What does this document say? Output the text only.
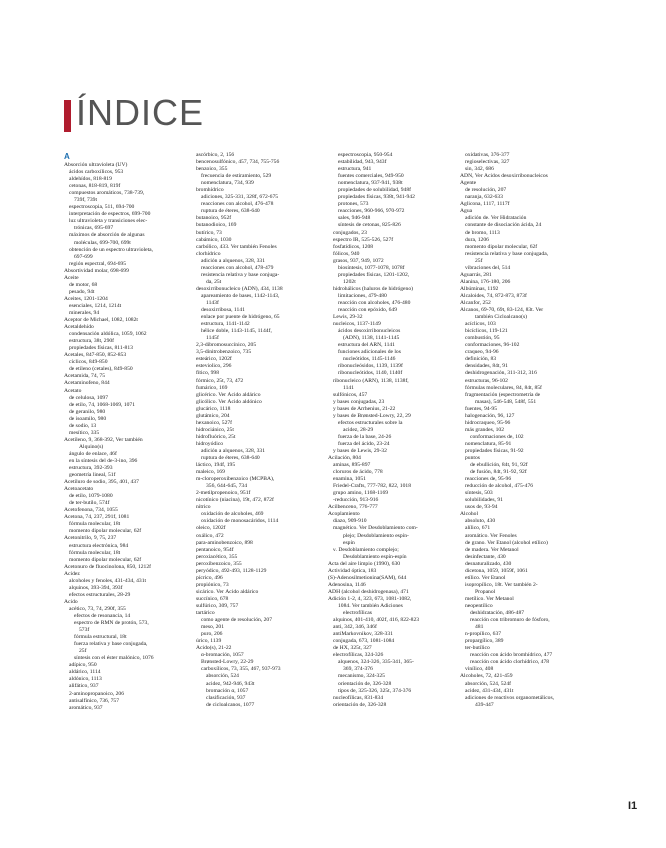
ÍNDICE
A
Absorción ultravioleta (UV)
ácidos carboxílicos, 953
aldehídos, 818-819
cetonas, 818-819, 819f
compuestos aromáticos, 738-739,
739f, 739t
espectroscopia, 511, 694-700
interpretación de espectros, 699-700
luz ultravioleta y transiciones elec-
trónicas, 695-697
máximos de absorción de algunas
moléculas, 699-700, 699t
obtención de un espectro ultravioleta,
697-699
región espectral, 694-695
Absortividad molar, 698-699
Aceite
de motor, 68
pesado, 94t
Aceites, 1201-1204
esenciales, 1214, 1214t
minerales, 94
Aceptor de Michael, 1082, 1082t
Acetaldehído
condensación aldólica, 1059, 1062
estructura, 38t, 290f
propiedades físicas, 811-813
Acetales, 847-850, 852-853
cíclicos, 849-850
de etileno (cetales), 849-850
Acetamida, 74, 75
Acetaminofeno, 844
Acetato
de celulosa, 1097
de etilo, 74, 1068-1069, 1071
de geranilo, 980
de isoamilo, 980
de sodio, 13
mesítico, 335
Acetileno, 9, 368-392, Ver también
Alquino(s)
ángulo de enlace, 46f
en la síntesis del de-3-ino, 396
estructura, 392-393
geometría lineal, 51f
Acetiluro de sodio, 395, 401, 437
Acetoacetato
de etilo, 1079-1080
de ter-butilo, 574f
Acetofenona, 734, 1055
Acetona, 74, 237, 291f, 1081
fórmula molecular, 18t
momento dipolar molecular, 62f
Acetonitrilo, 9, 75, 237
estructura electrónica, 984
fórmula molecular, 18t
momento dipolar molecular, 62f
Acetonuro de fluocinolona, 850, 1212f
Acidez
alcoholes y fenoles, 431-434, 431t
alquinos, 393-394, 393f
efectos estructurales, 28-29
Ácido
acético, 73, 74, 290f, 355
efectos de resonancia, 14
espectro de RMN de protón, 573,
573f
fórmula estructural, 18t
fuerza relativa y base conjugada,
25f
síntesis con el éster malónico, 1076
adípico, 950
aldárico, 1114
aldónico, 1113
alifático, 937
2-aminopropanoico, 206
antisalfínico, 736, 757
aromático, 937
ascórbico, 2, 156
bencenosulfónico, 457, 734, 755-756
benzoico, 355
frecuencia de estiramiento, 529
nomenclatura, 734, 939
bromhídrico
adiciones, 325-331, 328f, 672-675
reacciones con alcohol, 476-478
ruptura de éteres, 638-640
butanoico, 952f
butanodioico, 169
butírico, 73
cabámico, 1030
carbólico, 433. Ver también Fenoles
clorhídrico
adición a alquenos, 328, 331
reacciones con alcohol, 478-479
resistencia relativa y base conjuga-
da, 25t
desoxirribonucleico (ADN), 434, 1138
apareamiento de bases, 1142-1143,
1143f
desoxirribosa, 1141
enlace por puente de hidrógeno, 65
estructura, 1141-1142
hélice doble, 1143-1145, 1144f,
1145f
2,3-dibromosuccínico, 205
3,5-dinitrobenzoico, 735
esteárico, 1202f
esteviolico, 296
fítico, 998
fórmico, 25t, 73, 472
fumárico, 169
glicérico. Ver Ácido aldárico
glicólico. Ver Ácido aldónico
glucárico, 1118
glutámico, 204
hexanoico, 527f
hidrociánico, 25t
hidrofluórico, 25t
hidroyódico
adición a alquenos, 328, 331
ruptura de éteres, 638-640
láctico, 194f, 195
maleico, 169
m-cloroperoxibenzoico (MCPBA),
356, 644-645, 734
2-metilpropenoico, 951f
nicotínico (niacina), 19t, 472, 872f
nítrico
oxidación de alcoholes, 469
oxidación de monosacáridos, 1114
oleico, 1202f
oxálico, 472
para-aminobenzoico, 898
pentanoico, 954f
peroxiacético, 355
peroxibenzoico, 355
peryódico, 492-493, 1128-1129
pícrico, 496
propiónico, 73
sicárico. Ver Ácido aldárico
succínico, 678
sulfúrico, 309, 757
tartárico
como agente de resolución, 207
meso, 201
puro, 206
úrico, 1139
Ácido(s), 21-22
α-bromación, 1057
Brønsted-Lowry, 22-29
carboxílicos, 73, 355, 467, 937-973
absorción, 524
acidez, 942-946, 943t
bromación α, 1057
clasificación, 937
de cicloalcanos, 1077
espectroscopia, 950-954
estabilidad, 943, 943f
estructura, 941
fuentes comerciales, 949-950
nomenclatura, 937-941, 938t
propiedades de solubilidad, 948f
propiedades físicas, 938t, 941-942
protones, 573
reacciones, 960-966, 970-972
sales, 946-948
síntesis de cetonas, 825-826
conjugados, 23
espectro IR, 525-526, 527f
fosfatídicos, 1208
fólicos, 940
grasos, 937, 949, 1072
biosíntesis, 1077-1078, 1078f
propiedades físicas, 1201-1202,
1202t
hidrohálicos (haluros de hidrógeno)
limitaciones, 479-480
reacción con alcoholes, 476-480
reacción con epóxido, 649
Lewis, 29-32
nucleicos, 1137-1149
ácidos desoxirribonucleicos
(ADN), 1138, 1141-1145
estructura del ARN, 1141
funciones adicionales de los
nucleótidos, 1145-1146
ribonucleósidos, 1139, 1139f
ribonucleótidos, 1140, 1140f
ribonucleico (ARN), 1138, 1138f,
1141
sulfónicos, 457
y bases conjugadas, 23
y bases de Arrhenius, 21-22
y bases de Brønsted-Lowry, 22, 29
efectos estructurales sobre la
acidez, 28-29
fuerza de la base, 24-26
fuerza del ácido, 23-24
y bases de Lewis, 29-32
Acilación, 804
aminas, 895-897
cloruros de ácido, 778
enamina, 1051
Friedel-Crafts, 777-782, 822, 1018
grupo amino, 1168-1169
-reducción, 913-916
Acilbenceno, 776-777
Acoplamiento
diazo, 909-910
magnético. Ver Desdoblamiento com-
plejo; Desdoblamiento espín-
espín
ν. Desdoblamiento complejo;
Desdoblamiento espín-espín
Acta del aire limpio (1990), 630
Actividad óptica, 183
(S)-Adenosilmetionina(SAM), 644
Adenosina, 1146
ADH (alcohol deshidrogenasa), 471
Adición 1-2, 4, 323, 673, 1081-1082,
1084. Ver también Adiciones
electrofílicas
alquinos, 401-410, 402f, 416, 822-823
anti, 342, 346, 346f
antiMarkovnikov, 328-331
conjugada, 673, 1081-1084
de HX, 325t, 327
electrofílicas, 324-326
alquenos, 324-326, 335-341, 365-
369, 374-376
mecanismo, 324-325
orientación de, 326-328
tipos de, 325-326, 325t, 374-376
nucleofílicas, 831-834
orientación de, 326-328
oxidativas, 376-377
regioselectivas, 327
sin, 342, 686
ADN, Ver Ácidos desoxirribonucleicos
Agente
de resolución, 207
naranja, 632-633
Aglicona, 1117, 1117f
Agua
adición de. Ver Hidratación
constante de disociación ácida, 24
de bromo, 1113
dura, 1206
momento dipolar molecular, 62f
resistencia relativa y base conjugada,
25f
vibraciones del, 514
Aguarrás, 281
Alanina, 176-180, 206
Albúminas, 1192
Alcaloides, 74, 872-873, 873f
Alcanfor, 252
Alcanos, 69-70, 69t, 83-124, 83t. Ver
también Cicloalcano(s)
acíclicos, 103
bicíclicos, 119-121
combustión, 95
conformaciones, 96-102
craqueo, 94-96
definición, 83
densidades, 84t, 91
deshidrogenación, 311-312, 316
estructuras, 96-102
fórmulas moleculares, 84, 84t, 85f
fragmentación (espectrometría de
masas), 546-548, 548f, 551
fuentes, 94-95
halogenación, 96, 127
hidrocraqueo, 95-96
más grandes, 102
conformaciones de, 102
nomenclatura, 85-91
propiedades físicas, 91-92
puntos
de ebullición, 84t, 91, 92f
de fusión, 84t, 91-92, 92f
reacciones de, 95-96
reducción de alcohol, 475-476
síntesis, 503
solubilidades, 91
usos de, 93-94
Alcohol
absoluto, 430
alílico, 671
aromático. Ver Fenoles
de grano. Ver Etanol (alcohol etílico)
de madera. Ver Metanol
desinfectante, 430
desnaturalizado, 430
dicetona, 1059, 1059f, 1061
etílico. Ver Etanol
isopropílico, 18t. Ver también 2-
Propanol
metílico. Ver Metanol
neopentílico
deshidratación, 486-487
reacción con tribromuro de fósforo,
481
n-propílico, 637
propargílico, 389
ter-butílico
reacción con ácido bromhídrico, 477
reacción con ácido clorhídrico, 478
vinílico, 408
Alcoholes, 72, 421-459
absorción, 524, 524f
acidez, 431-434, 431t
adiciones de reactivos organometálicos,
439-447
I1
